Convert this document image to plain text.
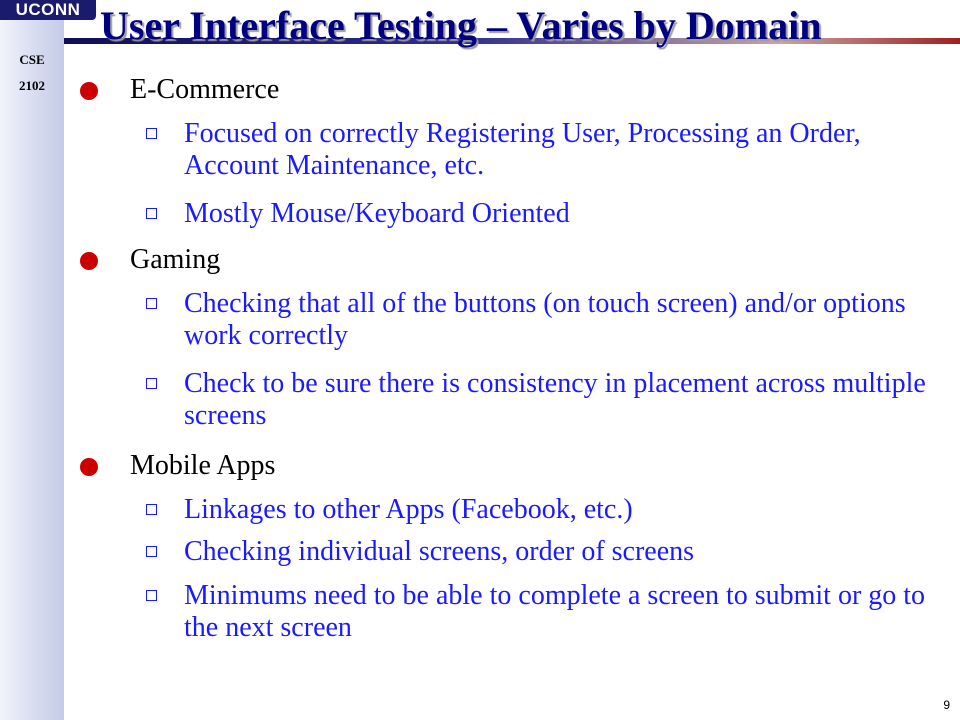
UCONN
CSE
2102
User Interface Testing – Varies by Domain
E-Commerce
Focused on correctly Registering User, Processing an Order, Account Maintenance, etc.
Mostly Mouse/Keyboard Oriented
Gaming
Checking that all of the buttons (on touch screen) and/or options work correctly
Check to be sure there is consistency in placement across multiple screens
Mobile Apps
Linkages to other Apps (Facebook, etc.)
Checking individual screens, order of screens
Minimums need to be able to complete a screen to submit or go to the next screen
9
